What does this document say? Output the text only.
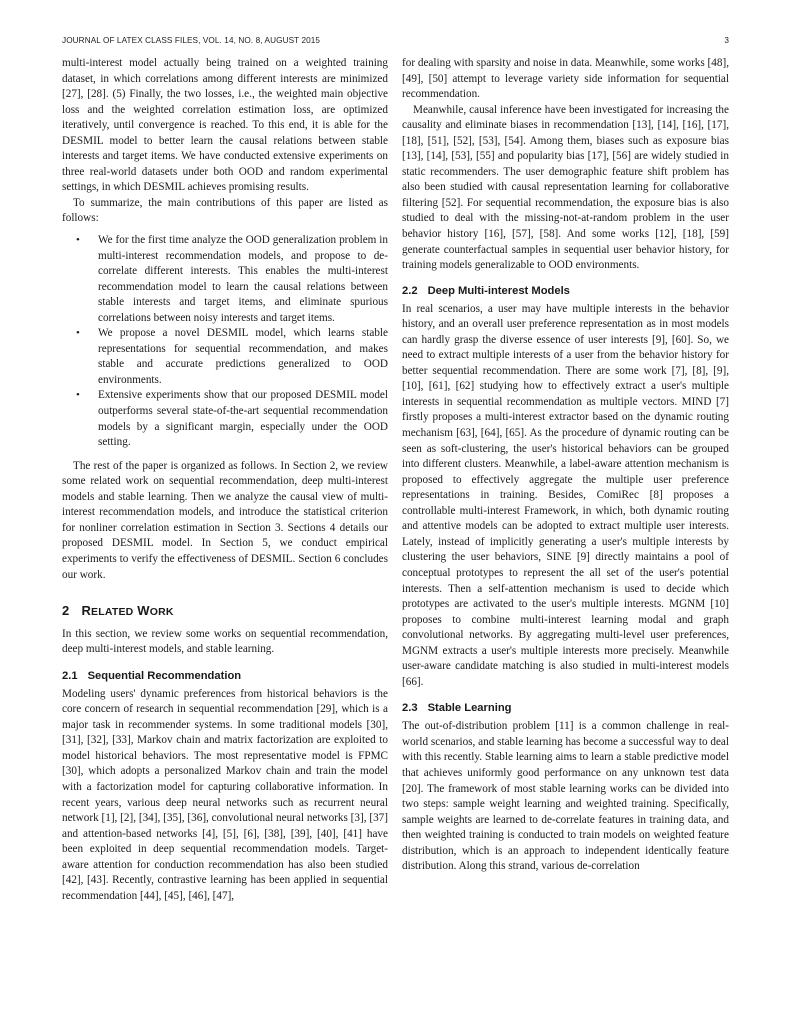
JOURNAL OF LATEX CLASS FILES, VOL. 14, NO. 8, AUGUST 2015	3

multi-interest model actually being trained on a weighted training dataset, in which correlations among different interests are minimized [27], [28]. (5) Finally, the two losses, i.e., the weighted main objective loss and the weighted correlation estimation loss, are optimized iteratively, until convergence is reached. To this end, it is able for the DESMIL model to better learn the causal relations between stable interests and target items. We have conducted extensive experiments on three real-world datasets under both OOD and random experimental settings, in which DESMIL achieves promising results.

To summarize, the main contributions of this paper are listed as follows:

• We for the first time analyze the OOD generalization problem in multi-interest recommendation models, and propose to de-correlate different interests. This enables the multi-interest recommendation model to learn the causal relations between stable interests and target items, and eliminate spurious correlations between noisy interests and target items.
• We propose a novel DESMIL model, which learns stable representations for sequential recommendation, and makes stable and accurate predictions generalized to OOD environments.
• Extensive experiments show that our proposed DESMIL model outperforms several state-of-the-art sequential recommendation models by a significant margin, especially under the OOD setting.

The rest of the paper is organized as follows. In Section 2, we review some related work on sequential recommendation, deep multi-interest models and stable learning. Then we analyze the causal view of multi-interest recommendation models, and introduce the statistical criterion for nonliner correlation estimation in Section 3. Sections 4 details our proposed DESMIL model. In Section 5, we conduct empirical experiments to verify the effectiveness of DESMIL. Section 6 concludes our work.

2 RELATED WORK

In this section, we review some works on sequential recommendation, deep multi-interest models, and stable learning.

2.1 Sequential Recommendation

Modeling users' dynamic preferences from historical behaviors is the core concern of research in sequential recommendation [29], which is a major task in recommender systems. In some traditional models [30], [31], [32], [33], Markov chain and matrix factorization are exploited to model historical behaviors. The most representative model is FPMC [30], which adopts a personalized Markov chain and train the model with a factorization model for capturing collaborative information. In recent years, various deep neural networks such as recurrent neural network [1], [2], [34], [35], [36], convolutional neural networks [3], [37] and attention-based networks [4], [5], [6], [38], [39], [40], [41] have been exploited in deep sequential recommendation models. Target-aware attention for conduction recommendation has also been studied [42], [43]. Recently, contrastive learning has been applied in sequential recommendation [44], [45], [46], [47],

for dealing with sparsity and noise in data. Meanwhile, some works [48], [49], [50] attempt to leverage variety side information for sequential recommendation.

Meanwhile, causal inference have been investigated for increasing the causality and eliminate biases in recommendation [13], [14], [16], [17], [18], [51], [52], [53], [54]. Among them, biases such as exposure bias [13], [14], [53], [55] and popularity bias [17], [56] are widely studied in static recommenders. The user demographic feature shift problem has also been studied with causal representation learning for collaborative filtering [52]. For sequential recommendation, the exposure bias is also studied to deal with the missing-not-at-random problem in the user behavior history [16], [57], [58]. And some works [12], [18], [59] generate counterfactual samples in sequential user behavior history, for training models generalizable to OOD environments.

2.2 Deep Multi-interest Models

In real scenarios, a user may have multiple interests in the behavior history, and an overall user preference representation as in most models can hardly grasp the diverse essence of user interests [9], [60]. So, we need to extract multiple interests of a user from the behavior history for better sequential recommendation. There are some work [7], [8], [9], [10], [61], [62] studying how to effectively extract a user's multiple interests in sequential recommendation as multiple vectors. MIND [7] firstly proposes a multi-interest extractor based on the dynamic routing mechanism [63], [64], [65]. As the procedure of dynamic routing can be seen as soft-clustering, the user's historical behaviors can be grouped into different clusters. Meanwhile, a label-aware attention mechanism is proposed to effectively aggregate the multiple user preference representations in training. Besides, ComiRec [8] proposes a controllable multi-interest Framework, in which, both dynamic routing and attentive models can be adopted to extract multiple user interests. Lately, instead of implicitly generating a user's multiple interests by clustering the user behaviors, SINE [9] directly maintains a pool of conceptual prototypes to represent the all set of the user's potential interests. Then a self-attention mechanism is used to decide which prototypes are activated to the user's multiple interests. MGNM [10] proposes to combine multi-interest learning modal and graph convolutional networks. By aggregating multi-level user preferences, MGNM extracts a user's multiple interests more precisely. Meanwhile user-aware candidate matching is also studied in multi-interest models [66].

2.3 Stable Learning

The out-of-distribution problem [11] is a common challenge in real-world scenarios, and stable learning has become a successful way to deal with this recently. Stable learning aims to learn a stable predictive model that achieves uniformly good performance on any unknown test data [20]. The framework of most stable learning works can be divided into two steps: sample weight learning and weighted training. Specifically, sample weights are learned to de-correlate features in training data, and then weighted training is conducted to train models on weighted feature distribution, which is an approach to independent identically feature distribution. Along this strand, various de-correlation
